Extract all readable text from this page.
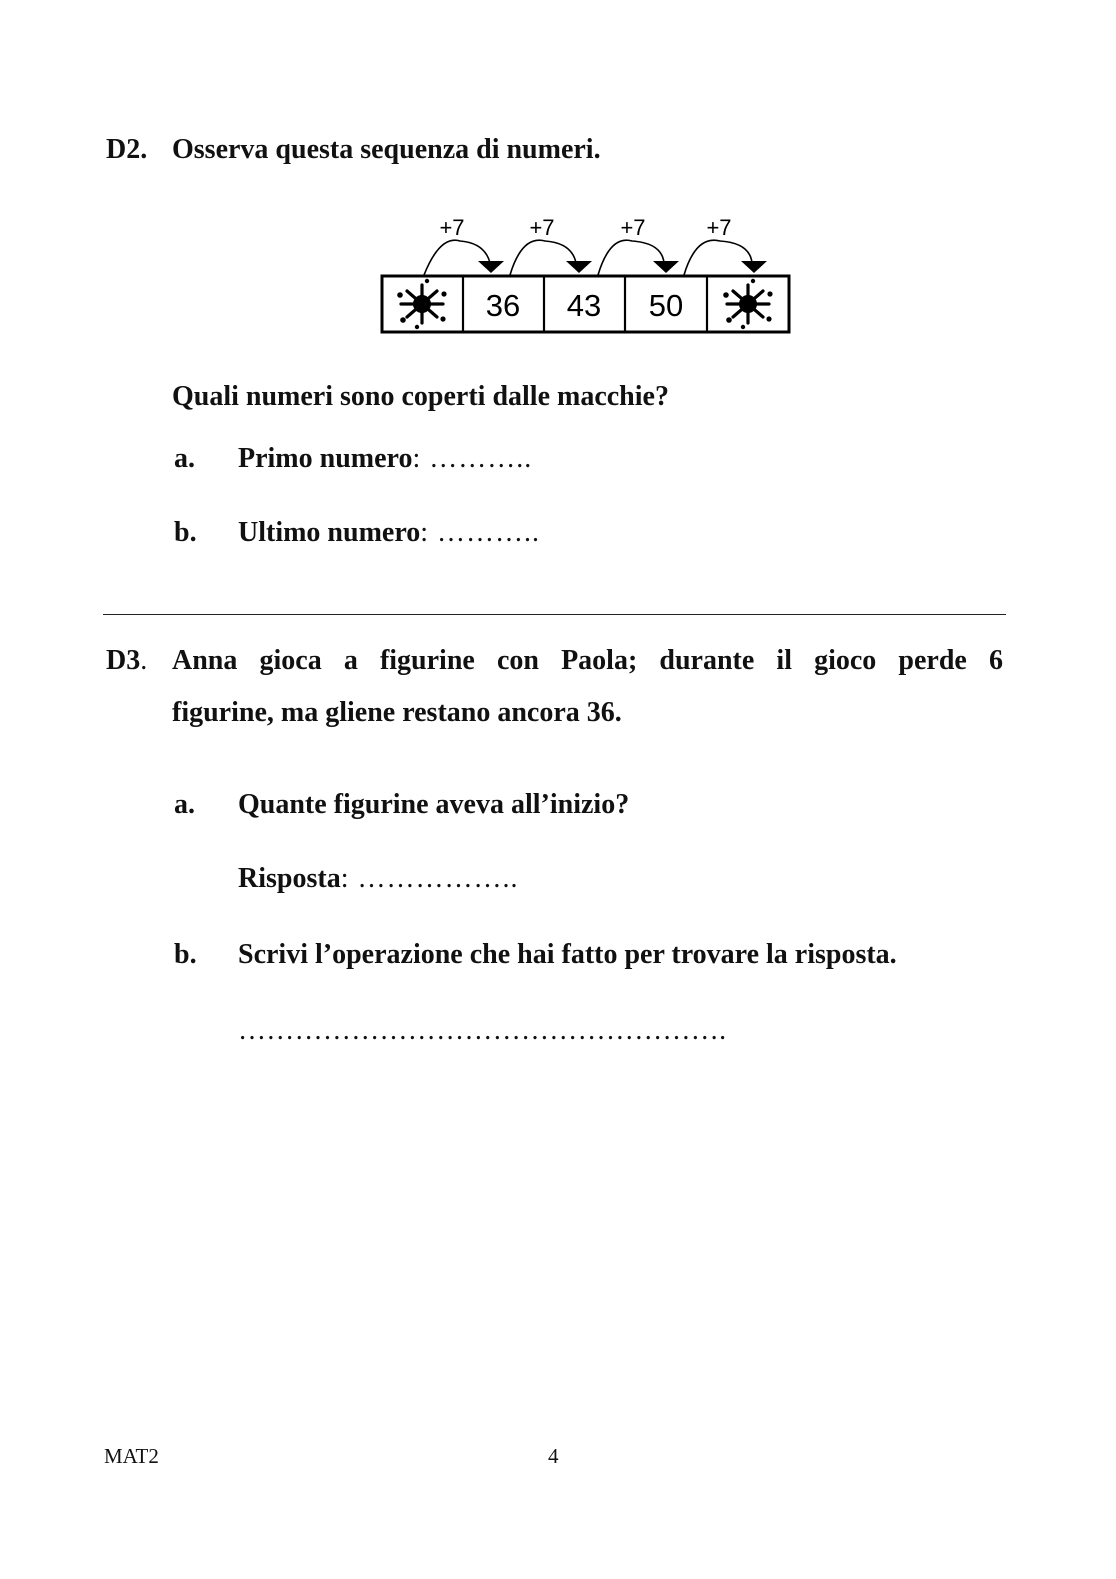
D2. Osserva questa sequenza di numeri.
+7	+7	+7	+7
36 43 50
Quali numeri sono coperti dalle macchie?
a. Primo numero: ………..
b. Ultimo numero: ………..
D3. Anna gioca a figurine con Paola; durante il gioco perde 6
figurine, ma gliene restano ancora 36.
a. Quante figurine aveva all’inizio?
Risposta: ……………..
b. Scrivi l’operazione che hai fatto per trovare la risposta.
…………………………………………….
MAT2	4
